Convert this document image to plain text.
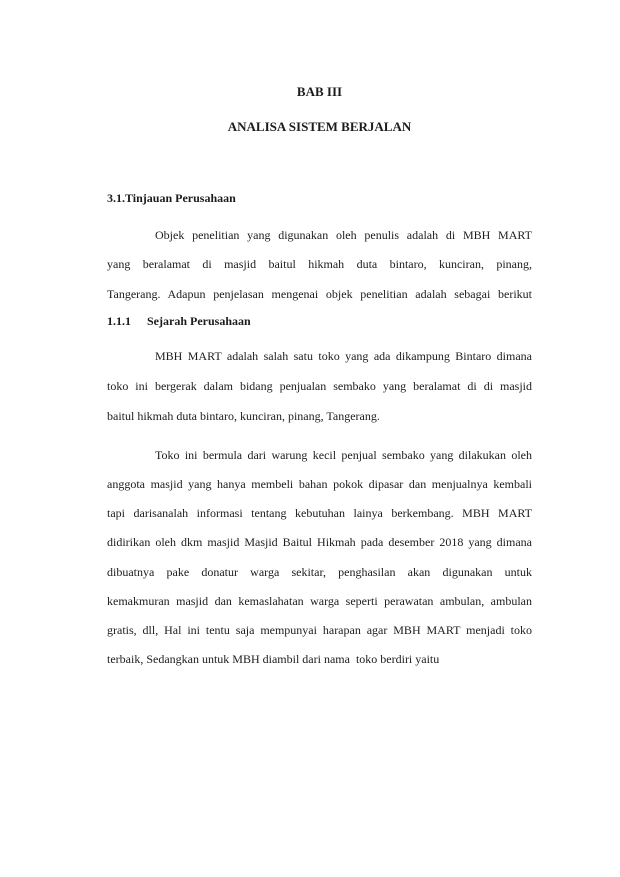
BAB III
ANALISA SISTEM BERJALAN
3.1.Tinjauan Perusahaan
Objek penelitian yang digunakan oleh penulis adalah di MBH MART
yang beralamat di masjid baitul hikmah duta bintaro, kunciran, pinang,
Tangerang. Adapun penjelasan mengenai objek penelitian adalah sebagai berikut
1.1.1 Sejarah Perusahaan
MBH MART adalah salah satu toko yang ada dikampung Bintaro dimana
toko ini bergerak dalam bidang penjualan sembako yang beralamat di di masjid
baitul hikmah duta bintaro, kunciran, pinang, Tangerang.
Toko ini bermula dari warung kecil penjual sembako yang dilakukan oleh
anggota masjid yang hanya membeli bahan pokok dipasar dan menjualnya kembali
tapi darisanalah informasi tentang kebutuhan lainya berkembang. MBH MART
didirikan oleh dkm masjid Masjid Baitul Hikmah pada desember 2018 yang dimana
dibuatnya pake donatur warga sekitar, penghasilan akan digunakan untuk
kemakmuran masjid dan kemaslahatan warga seperti perawatan ambulan, ambulan
gratis, dll, Hal ini tentu saja mempunyai harapan agar MBH MART menjadi toko
terbaik, Sedangkan untuk MBH diambil dari nama  toko berdiri yaitu
